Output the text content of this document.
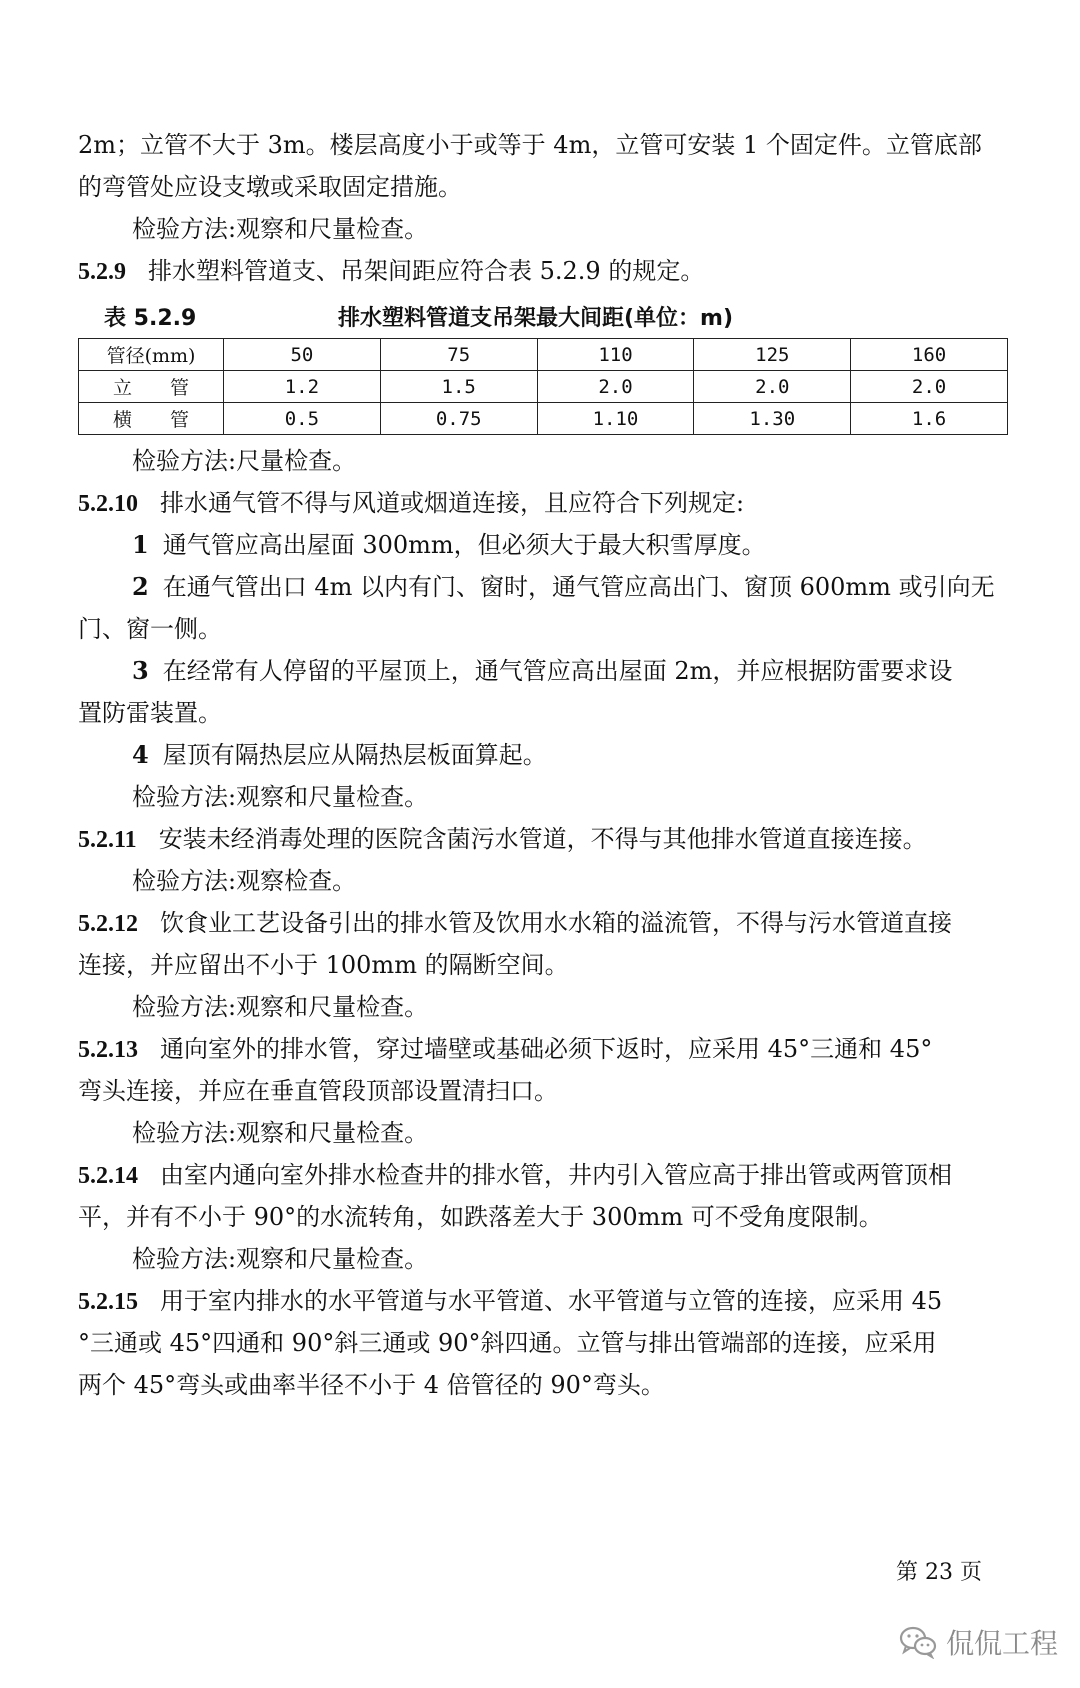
2m；立管不大于 3m。楼层高度小于或等于 4m，立管可安装 1 个固定件。立管底部
的弯管处应设支墩或采取固定措施。
检验方法:观察和尺量检查。
5.2.9 排水塑料管道支、吊架间距应符合表 5.2.9 的规定。
表 5.2.9	排水塑料管道支吊架最大间距(单位：m)
管径(mm)	50	75	110	125	160
立　　管	1.2	1.5	2.0	2.0	2.0
横　　管	0.5	0.75	1.10	1.30	1.6
检验方法:尺量检查。
5.2.10 排水通气管不得与风道或烟道连接，且应符合下列规定:
1 通气管应高出屋面 300mm，但必须大于最大积雪厚度。
2 在通气管出口 4m 以内有门、窗时，通气管应高出门、窗顶 600mm 或引向无
门、窗一侧。
3 在经常有人停留的平屋顶上，通气管应高出屋面 2m，并应根据防雷要求设
置防雷装置。
4 屋顶有隔热层应从隔热层板面算起。
检验方法:观察和尺量检查。
5.2.11 安装未经消毒处理的医院含菌污水管道，不得与其他排水管道直接连接。
检验方法:观察检查。
5.2.12 饮食业工艺设备引出的排水管及饮用水水箱的溢流管，不得与污水管道直接
连接，并应留出不小于 100mm 的隔断空间。
检验方法:观察和尺量检查。
5.2.13 通向室外的排水管，穿过墙壁或基础必须下返时，应采用 45°三通和 45°
弯头连接，并应在垂直管段顶部设置清扫口。
检验方法:观察和尺量检查。
5.2.14 由室内通向室外排水检查井的排水管，井内引入管应高于排出管或两管顶相
平，并有不小于 90°的水流转角，如跌落差大于 300mm 可不受角度限制。
检验方法:观察和尺量检查。
5.2.15 用于室内排水的水平管道与水平管道、水平管道与立管的连接，应采用 45
°三通或 45°四通和 90°斜三通或 90°斜四通。立管与排出管端部的连接，应采用
两个 45°弯头或曲率半径不小于 4 倍管径的 90°弯头。
第 23 页
侃侃工程
